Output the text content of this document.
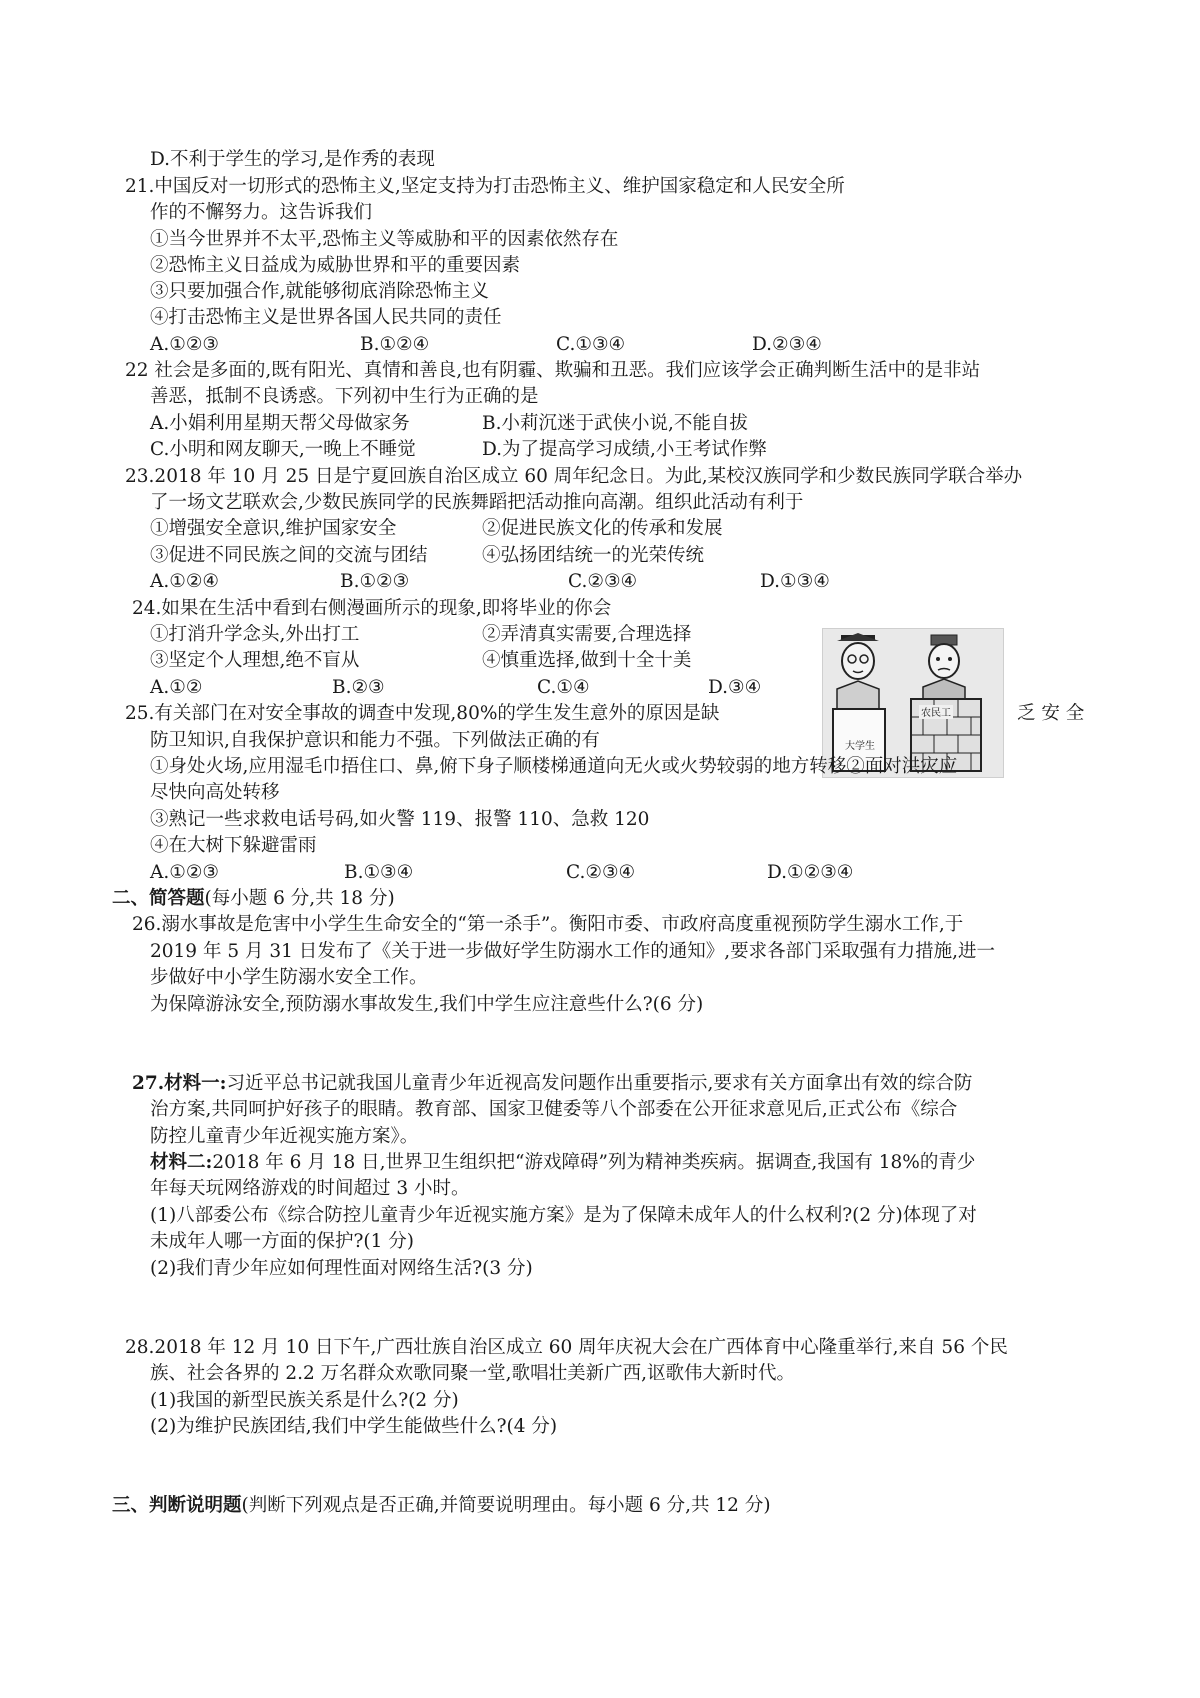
D.不利于学生的学习,是作秀的表现
21.中国反对一切形式的恐怖主义,坚定支持为打击恐怖主义、维护国家稳定和人民安全所
作的不懈努力。这告诉我们
①当今世界并不太平,恐怖主义等威胁和平的因素依然存在
②恐怖主义日益成为威胁世界和平的重要因素
③只要加强合作,就能够彻底消除恐怖主义
④打击恐怖主义是世界各国人民共同的责任
A.①②③	B.①②④	C.①③④	D.②③④
22 社会是多面的,既有阳光、真情和善良,也有阴霾、欺骗和丑恶。我们应该学会正确判断生活中的是非站
善恶，抵制不良诱惑。下列初中生行为正确的是
A.小娟利用星期天帮父母做家务	B.小莉沉迷于武侠小说,不能自拔
C.小明和网友聊天,一晚上不睡觉	D.为了提高学习成绩,小王考试作弊
23.2018 年 10 月 25 日是宁夏回族自治区成立 60 周年纪念日。为此,某校汉族同学和少数民族同学联合举办
了一场文艺联欢会,少数民族同学的民族舞蹈把活动推向高潮。组织此活动有利于
①增强安全意识,维护国家安全	②促进民族文化的传承和发展
③促进不同民族之间的交流与团结	④弘扬团结统一的光荣传统
A.①②④	B.①②③	C.②③④	D.①③④
24.如果在生活中看到右侧漫画所示的现象,即将毕业的你会
①打消升学念头,外出打工	②弄清真实需要,合理选择
③坚定个人理想,绝不盲从	④慎重选择,做到十全十美
A.①②	B.②③	C.①④	D.③④
大学生
农民工
25.有关部门在对安全事故的调查中发现,80%的学生发生意外的原因是缺	乏 安 全
防卫知识,自我保护意识和能力不强。下列做法正确的有
①身处火场,应用湿毛巾捂住口、鼻,俯下身子顺楼梯通道向无火或火势较弱的地方转移②面对洪灾应
尽快向高处转移
③熟记一些求救电话号码,如火警 119、报警 110、急救 120
④在大树下躲避雷雨
A.①②③	B.①③④	C.②③④	D.①②③④
二、简答题(每小题 6 分,共 18 分)
26.溺水事故是危害中小学生生命安全的“第一杀手”。衡阳市委、市政府高度重视预防学生溺水工作,于
2019 年 5 月 31 日发布了《关于进一步做好学生防溺水工作的通知》,要求各部门采取强有力措施,进一
步做好中小学生防溺水安全工作。
为保障游泳安全,预防溺水事故发生,我们中学生应注意些什么?(6 分)
27.材料一:习近平总书记就我国儿童青少年近视高发问题作出重要指示,要求有关方面拿出有效的综合防
治方案,共同呵护好孩子的眼睛。教育部、国家卫健委等八个部委在公开征求意见后,正式公布《综合
防控儿童青少年近视实施方案》。
材料二:2018 年 6 月 18 日,世界卫生组织把“游戏障碍”列为精神类疾病。据调查,我国有 18%的青少
年每天玩网络游戏的时间超过 3 小时。
(1)八部委公布《综合防控儿童青少年近视实施方案》是为了保障未成年人的什么权利?(2 分)体现了对
未成年人哪一方面的保护?(1 分)
(2)我们青少年应如何理性面对网络生活?(3 分)
28.2018 年 12 月 10 日下午,广西壮族自治区成立 60 周年庆祝大会在广西体育中心隆重举行,来自 56 个民
族、社会各界的 2.2 万名群众欢歌同聚一堂,歌唱壮美新广西,讴歌伟大新时代。
(1)我国的新型民族关系是什么?(2 分)
(2)为维护民族团结,我们中学生能做些什么?(4 分)
三、判断说明题(判断下列观点是否正确,并简要说明理由。每小题 6 分,共 12 分)
